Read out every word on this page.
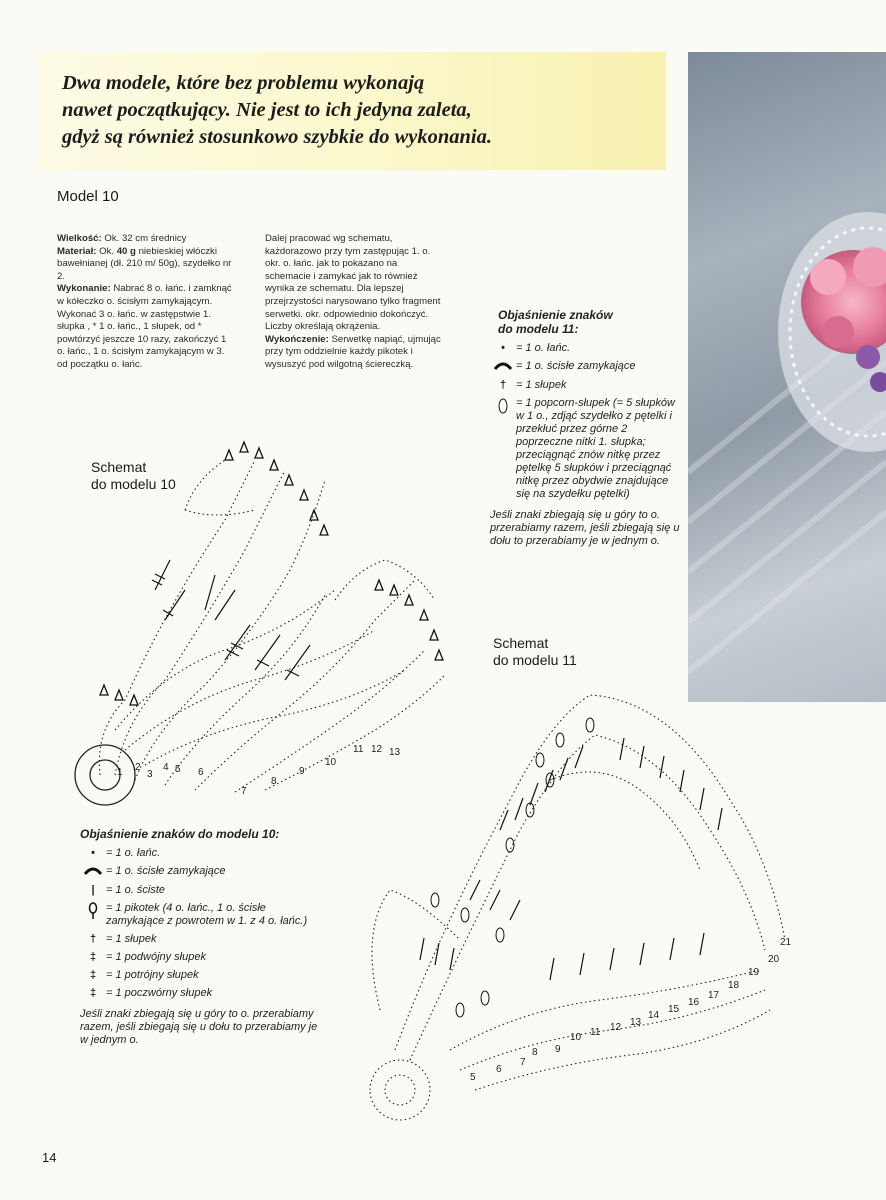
Dwa modele, które bez problemu wykonają
nawet początkujący. Nie jest to ich jedyna zaleta,
gdyż są również stosunkowo szybkie do wykonania.
Model 10

Wielkość: Ok. 32 cm średnicy

Materiał: Ok. 40 g niebieskiej włóczki bawełnianej (dł. 210 m/ 50g), szydełko nr 2.

Wykonanie: Nabrać 8 o. łańc. i zamknąć w kółeczko o. ścisłym zamykającym. Wykonać 3 o. łańc. w zastępstwie 1. słupka , * 1 o. łańc., 1 słupek, od * powtórzyć jeszcze 10 razy, zakończyć 1 o. łańc., 1 o. ścisłym zamykającym w 3. od początku o. łańc.

Dalej pracować wg schematu, każdorazowo przy tym zastępując 1. o. okr. o. łańc. jak to pokazano na schemacie i zamykać jak to również wynika ze schematu. Dla lepszej przejrzystości narysowano tylko fragment serwetki. okr. odpowiednio dokończyć. Liczby określają okrążenia.

Wykończenie: Serwetkę napiąć, ujmując przy tym oddzielnie każdy pikotek i wysuszyć pod wilgotną ściereczką.

Objaśnienie znaków
do modelu 11:
•	= 1 o. łańc.
= 1 o. ścisłe zamykające
† = 1 słupek
= 1 popcorn-słupek (= 5 słupków w 1 o., zdjąć szydełko z pętelki i przekłuć przez górne 2 poprzeczne nitki 1. słupka; przeciągnąć znów nitkę przez pętelkę 5 słupków i przeciągnąć nitkę przez obydwie znajdujące się na szydełku pętelki)

Jeśli znaki zbiegają się u góry to o. przerabiamy razem, jeśli zbiegają się u dołu to przerabiamy je w jednym o.

Schemat
do modelu 10
1 2
3
4 5 6
7
8
9
10
11 12 13
Schemat
do modelu 11
5
6
7
8 9
10 11 12 13
14
15
16
17
18
19
20
21
Objaśnienie znaków do modelu 10:
•	= 1 o. łańc.
= 1 o. ścisłe zamykające
|	= 1 o. ściste
= 1 pikotek (4 o. łańc., 1 o. ścisłe zamykające z powrotem w 1. z 4 o. łańc.)
† = 1 słupek
‡ = 1 podwójny słupek
‡ = 1 potrójny słupek
‡ = 1 poczwórny słupek

Jeśli znaki zbiegają się u góry to o. przerabiamy razem, jeśli zbiegają się u dołu to przerabiamy je w jednym o.

14
